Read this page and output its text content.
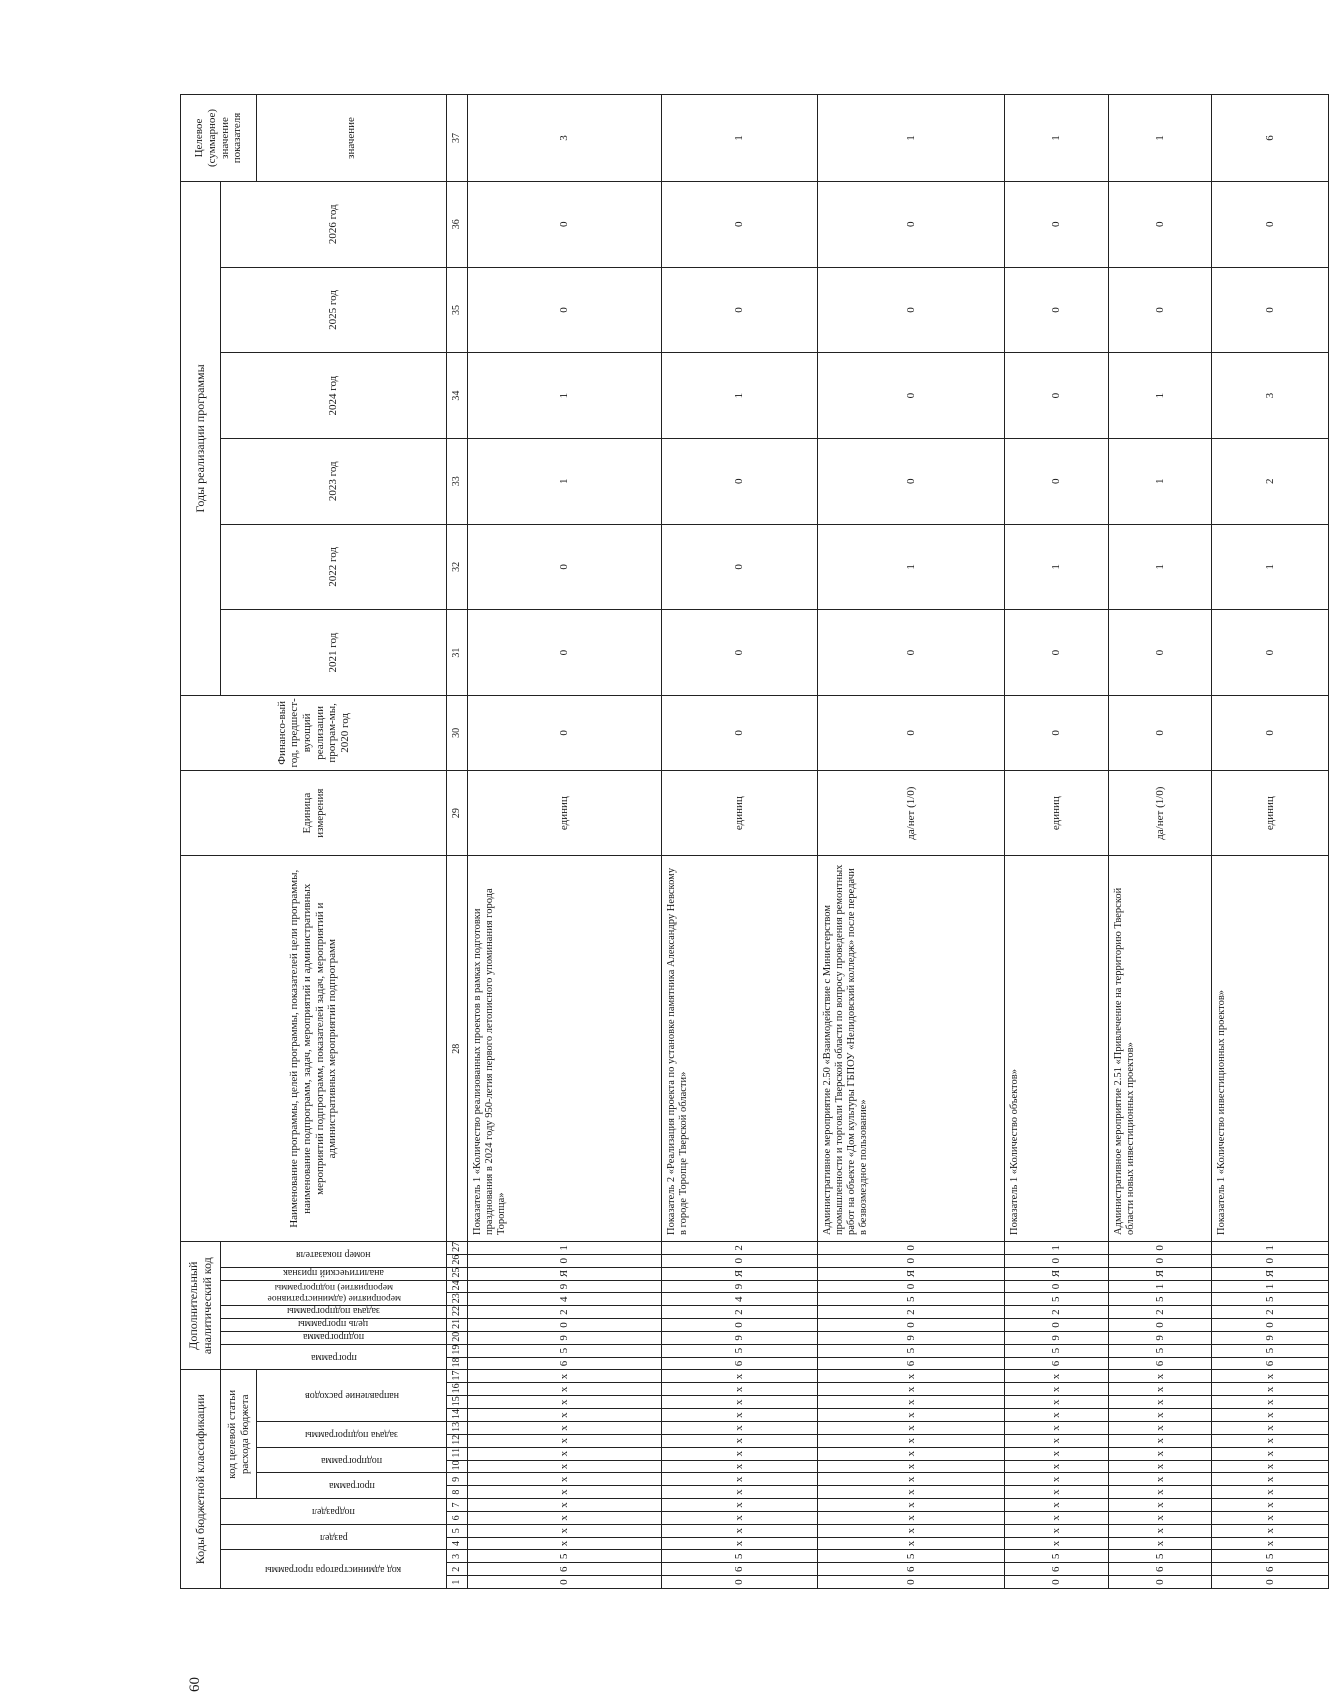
60
Коды бюджетной классификации																	Дополнительный аналитический код										Наименование программы, целей программы, показателей цели программы, наименование подпрограмм, задач, мероприятий и административных мероприятий подпрограмм, показателей задач, мероприятий и административных мероприятий подпрограмм	Единица измерения	Финансо-вый год, предшест-вующий реализации програм-мы, 2020 год	Годы реализации программы						Целевое (суммарное) значение показателя

код администратора программы			раздел		подраздел		код целевой статьи расхода бюджета										программа		подпрограмма	цель программы	задача подпрограммы	мероприятие (административное мероприятие) подпрограммы		аналитический признак	номер показателя					2021 год	2022 год	2023 год	2024 год	2025 год	2026 год	

							программа		подпрограмма		задача подпрограммы		направление расходов																							значение
1	2	3	4	5	6	7	8	9	10	11	12	13	14	15	16	17	18	19	20	21	22	23	24	25	26	27	28	29	30	31	32	33	34	35	36	37
0	6	5	х	х	х	х	х	х	х	х	х	х	х	х	х	х	6	5	9	0	2	4	9	Я	0	1	Показатель 1 «Количество реализованных проектов в рамках подготовки празднования в 2024 году 950-летия первого летописного упоминания города Торопца»	единиц	0	0	0	1	1	0	0	3
0	6	5	х	х	х	х	х	х	х	х	х	х	х	х	х	х	6	5	9	0	2	4	9	Я	0	2	Показатель 2 «Реализация проекта по установке памятника Александру Невскому в городе Торопце Тверской области»	единиц	0	0	0	0	1	0	0	1
0	6	5	х	х	х	х	х	х	х	х	х	х	х	х	х	х	6	5	9	0	2	5	0	Я	0	0	Административное мероприятие 2.50 «Взаимодействие с Министерством промышленности и торговли Тверской области по вопросу проведения ремонтных работ на объекте «Дом культуры ГБПОУ «Нелидовский колледж» после передачи в безвозмездное пользование»	да/нет (1/0)	0	0	1	0	0	0	0	1
0	6	5	х	х	х	х	х	х	х	х	х	х	х	х	х	х	6	5	9	0	2	5	0	Я	0	1	Показатель 1 «Количество объектов»	единиц	0	0	1	0	0	0	0	1
0	6	5	х	х	х	х	х	х	х	х	х	х	х	х	х	х	6	5	9	0	2	5	1	Я	0	0	Административное мероприятие 2.51 «Привлечение на территорию Тверской области новых инвестиционных проектов»	да/нет (1/0)	0	0	1	1	1	0	0	1
0	6	5	х	х	х	х	х	х	х	х	х	х	х	х	х	х	6	5	9	0	2	5	1	Я	0	1	Показатель 1 «Количество инвестиционных проектов»	единиц	0	0	1	2	3	0	0	6
